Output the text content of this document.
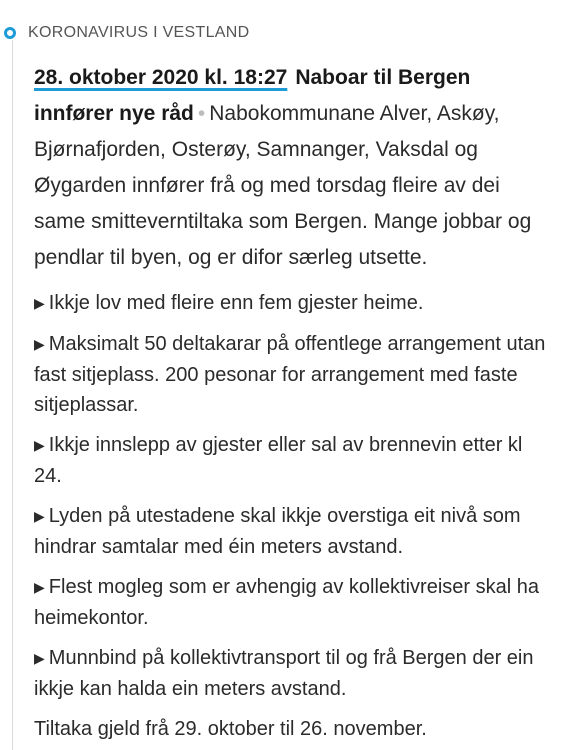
KORONAVIRUS I VESTLAND

28. oktober 2020 kl. 18:27 Naboar til Bergen innfører nye råd • Nabokommunane Alver, Askøy, Bjørnafjorden, Osterøy, Samnanger, Vaksdal og Øygarden innfører frå og med torsdag fleire av dei same smitteverntiltaka som Bergen. Mange jobbar og pendlar til byen, og er difor særleg utsette.

▶ Ikkje lov med fleire enn fem gjester heime.
▶ Maksimalt 50 deltakarar på offentlege arrangement utan fast sitjeplass. 200 pesonar for arrangement med faste sitjeplassar.
▶ Ikkje innslepp av gjester eller sal av brennevin etter kl 24.
▶ Lyden på utestadene skal ikkje overstiga eit nivå som hindrar samtalar med éin meters avstand.
▶ Flest mogleg som er avhengig av kollektivreiser skal ha heimekontor.
▶ Munnbind på kollektivtransport til og frå Bergen der ein ikkje kan halda ein meters avstand.

Tiltaka gjeld frå 29. oktober til 26. november.
